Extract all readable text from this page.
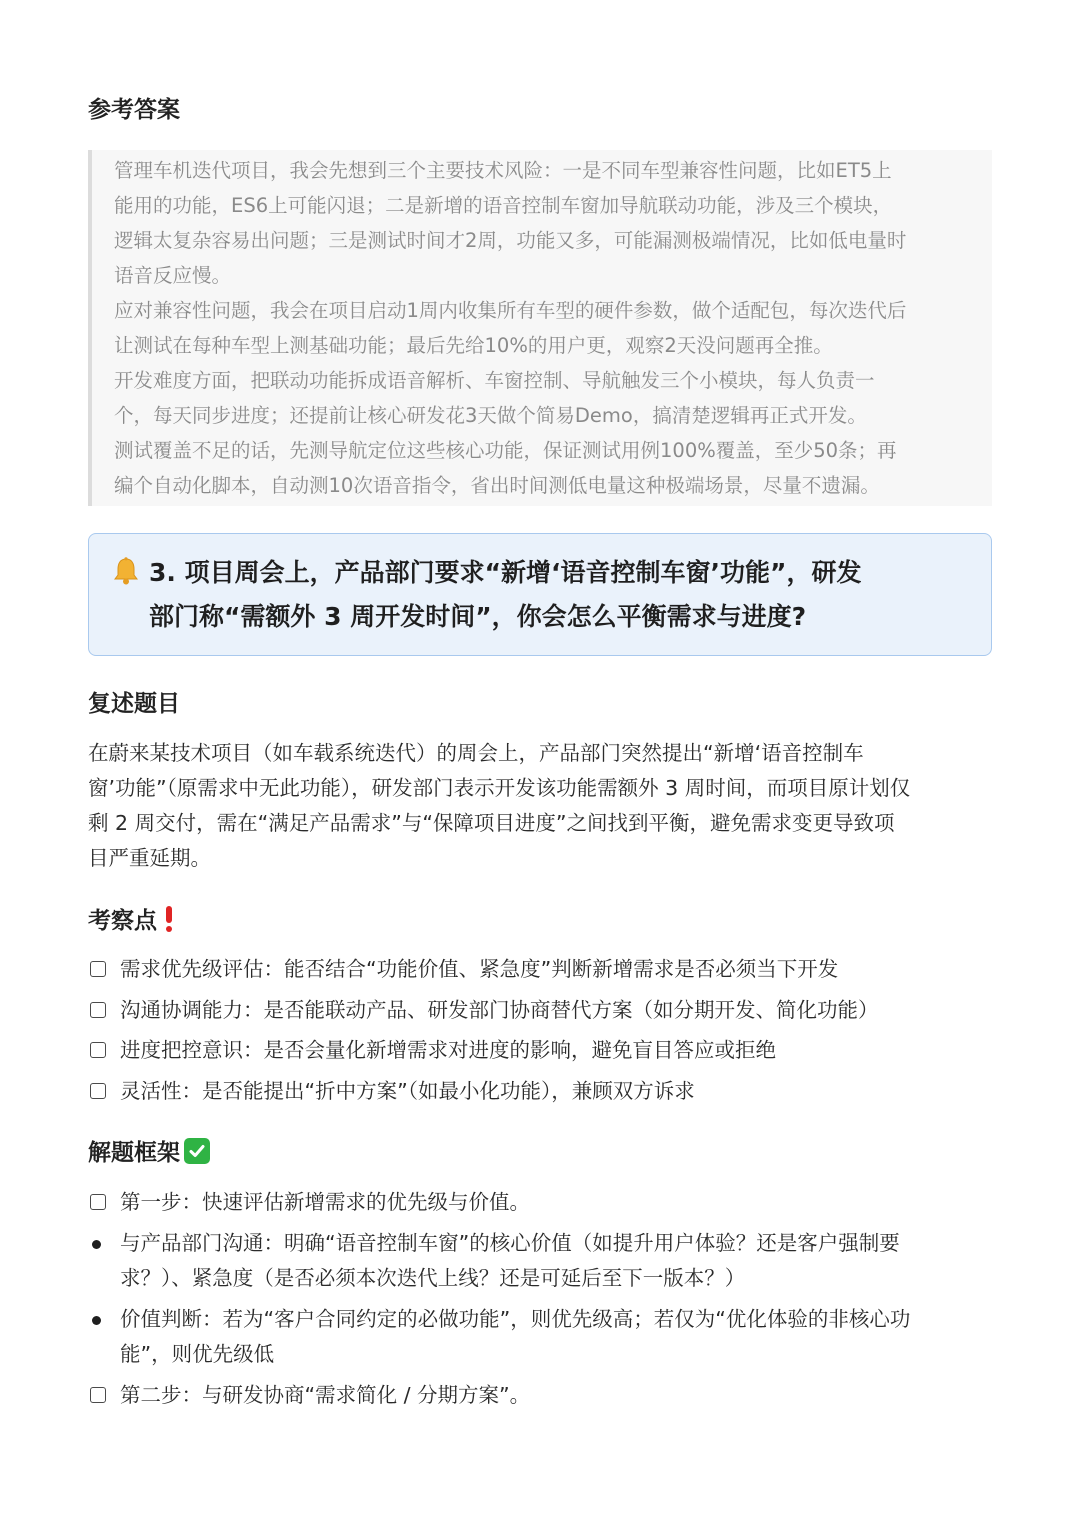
参考答案
管理车机迭代项目，我会先想到三个主要技术风险：一是不同车型兼容性问题，比如ET5上
能用的功能，ES6上可能闪退；二是新增的语音控制车窗加导航联动功能，涉及三个模块，
逻辑太复杂容易出问题；三是测试时间才2周，功能又多，可能漏测极端情况，比如低电量时
语音反应慢。
应对兼容性问题，我会在项目启动1周内收集所有车型的硬件参数，做个适配包，每次迭代后
让测试在每种车型上测基础功能；最后先给10%的用户更，观察2天没问题再全推。
开发难度方面，把联动功能拆成语音解析、车窗控制、导航触发三个小模块，每人负责一
个，每天同步进度；还提前让核心研发花3天做个简易Demo，搞清楚逻辑再正式开发。
测试覆盖不足的话，先测导航定位这些核心功能，保证测试用例100%覆盖，至少50条；再
编个自动化脚本，自动测10次语音指令，省出时间测低电量这种极端场景，尽量不遗漏。
3. 项目周会上，产品部门要求“新增‘语音控制车窗’功能”，研发
部门称“需额外 3 周开发时间”，你会怎么平衡需求与进度?
复述题目
在蔚来某技术项目（如车载系统迭代）的周会上，产品部门突然提出“新增‘语音控制车
窗’功能”（原需求中无此功能），研发部门表示开发该功能需额外 3 周时间，而项目原计划仅
剩 2 周交付，需在“满足产品需求”与“保障项目进度”之间找到平衡，避免需求变更导致项
目严重延期。
考察点
需求优先级评估：能否结合“功能价值、紧急度”判断新增需求是否必须当下开发
沟通协调能力：是否能联动产品、研发部门协商替代方案（如分期开发、简化功能）
进度把控意识：是否会量化新增需求对进度的影响，避免盲目答应或拒绝
灵活性：是否能提出“折中方案”（如最小化功能），兼顾双方诉求
解题框架
第一步：快速评估新增需求的优先级与价值。
与产品部门沟通：明确“语音控制车窗”的核心价值（如提升用户体验？还是客户强制要
求？）、紧急度（是否必须本次迭代上线？还是可延后至下一版本？）
价值判断：若为“客户合同约定的必做功能”，则优先级高；若仅为“优化体验的非核心功
能”，则优先级低
第二步：与研发协商“需求简化 / 分期方案”。
